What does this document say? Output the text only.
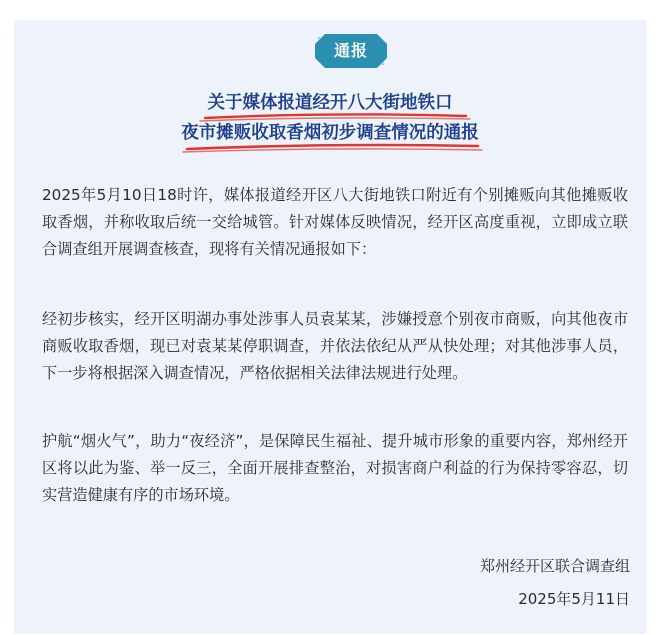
通报
关于媒体报道经开八大街地铁口
夜市摊贩收取香烟初步调查情况的通报
2025年5月10日18时许，媒体报道经开区八大街地铁口附近有个别摊贩向其他摊贩收取香烟，并称收取后统一交给城管。针对媒体反映情况，经开区高度重视，立即成立联合调查组开展调查核查，现将有关情况通报如下：
经初步核实，经开区明湖办事处涉事人员袁某某，涉嫌授意个别夜市商贩，向其他夜市商贩收取香烟，现已对袁某某停职调查，并依法依纪从严从快处理；对其他涉事人员，下一步将根据深入调查情况，严格依据相关法律法规进行处理。
护航“烟火气”，助力“夜经济”，是保障民生福祉、提升城市形象的重要内容，郑州经开区将以此为鉴、举一反三，全面开展排查整治，对损害商户利益的行为保持零容忍，切实营造健康有序的市场环境。
郑州经开区联合调查组
2025年5月11日
